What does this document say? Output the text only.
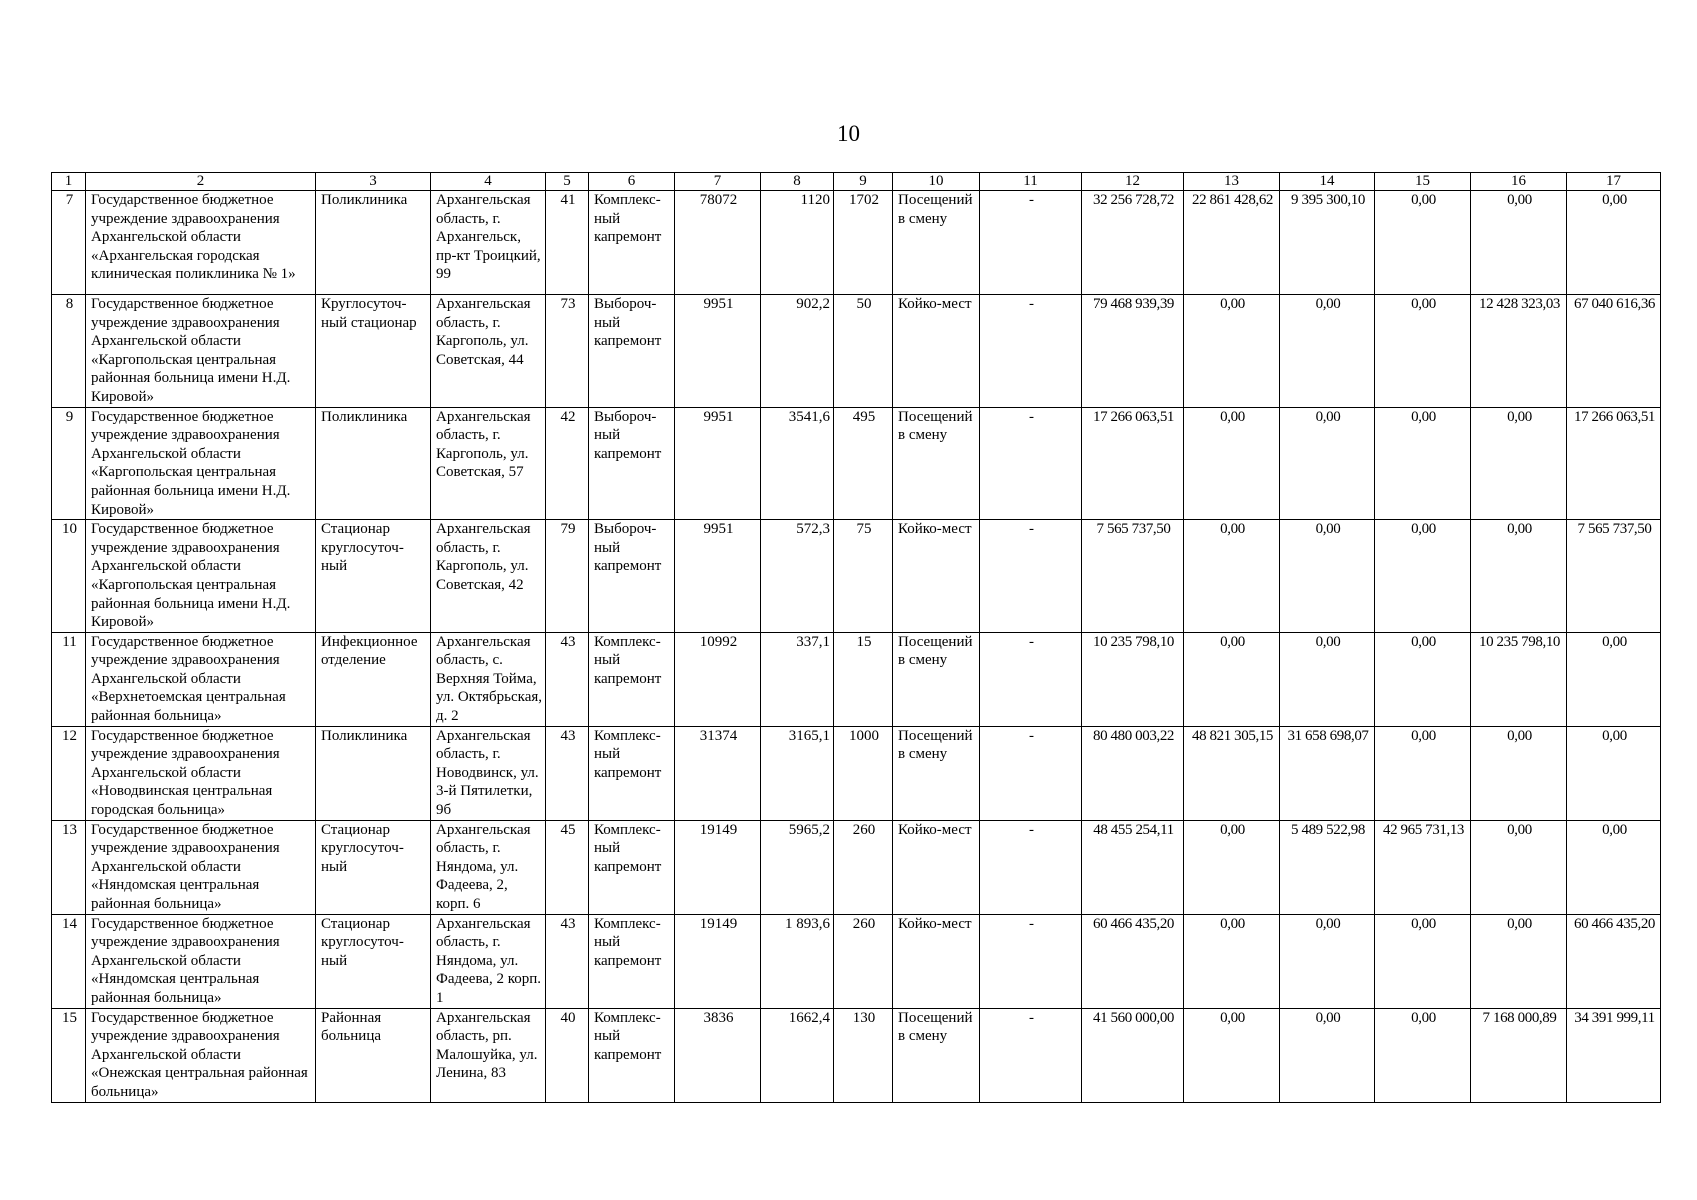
10
1	2	3	4	5	6	7	8	9	10	11	12	13	14	15	16	17
7	Государственное бюджетное учреждение здравоохранения Архангельской области «Архангельская городская клиническая поликлиника № 1»	Поликлиника	Архангельская область, г. Архангельск, пр-кт Троицкий, 99	41	Комплекс-ный капремонт	78072	1120	1702	Посещений в смену	-	32 256 728,72	22 861 428,62	9 395 300,10	0,00	0,00	0,00
8	Государственное бюджетное учреждение здравоохранения Архангельской области «Каргопольская центральная районная больница имени Н.Д. Кировой»	Круглосуточ-ный стационар	Архангельская область, г. Каргополь, ул. Советская, 44	73	Выбороч-ный капремонт	9951	902,2	50	Койко-мест	-	79 468 939,39	0,00	0,00	0,00	12 428 323,03	67 040 616,36
9	Государственное бюджетное учреждение здравоохранения Архангельской области «Каргопольская центральная районная больница имени Н.Д. Кировой»	Поликлиника	Архангельская область, г. Каргополь, ул. Советская, 57	42	Выбороч-ный капремонт	9951	3541,6	495	Посещений в смену	-	17 266 063,51	0,00	0,00	0,00	0,00	17 266 063,51
10	Государственное бюджетное учреждение здравоохранения Архангельской области «Каргопольская центральная районная больница имени Н.Д. Кировой»	Стационар круглосуточ-ный	Архангельская область, г. Каргополь, ул. Советская, 42	79	Выбороч-ный капремонт	9951	572,3	75	Койко-мест	-	7 565 737,50	0,00	0,00	0,00	0,00	7 565 737,50
11	Государственное бюджетное учреждение здравоохранения Архангельской области «Верхнетоемская центральная районная больница»	Инфекционное отделение	Архангельская область, с. Верхняя Тойма, ул. Октябрьская, д. 2	43	Комплекс-ный капремонт	10992	337,1	15	Посещений в смену	-	10 235 798,10	0,00	0,00	0,00	10 235 798,10	0,00
12	Государственное бюджетное учреждение здравоохранения Архангельской области «Новодвинская центральная городская больница»	Поликлиника	Архангельская область, г. Новодвинск, ул. 3-й Пятилетки, 9б	43	Комплекс-ный капремонт	31374	3165,1	1000	Посещений в смену	-	80 480 003,22	48 821 305,15	31 658 698,07	0,00	0,00	0,00
13	Государственное бюджетное учреждение здравоохранения Архангельской области «Няндомская центральная районная больница»	Стационар круглосуточ-ный	Архангельская область, г. Няндома, ул. Фадеева, 2, корп. 6	45	Комплекс-ный капремонт	19149	5965,2	260	Койко-мест	-	48 455 254,11	0,00	5 489 522,98	42 965 731,13	0,00	0,00
14	Государственное бюджетное учреждение здравоохранения Архангельской области «Няндомская центральная районная больница»	Стационар круглосуточ-ный	Архангельская область, г. Няндома, ул. Фадеева, 2 корп. 1	43	Комплекс-ный капремонт	19149	1 893,6	260	Койко-мест	-	60 466 435,20	0,00	0,00	0,00	0,00	60 466 435,20
15	Государственное бюджетное учреждение здравоохранения Архангельской области «Онежская центральная районная больница»	Районная больница	Архангельская область, рп. Малошуйка, ул. Ленина, 83	40	Комплекс-ный капремонт	3836	1662,4	130	Посещений в смену	-	41 560 000,00	0,00	0,00	0,00	7 168 000,89	34 391 999,11
